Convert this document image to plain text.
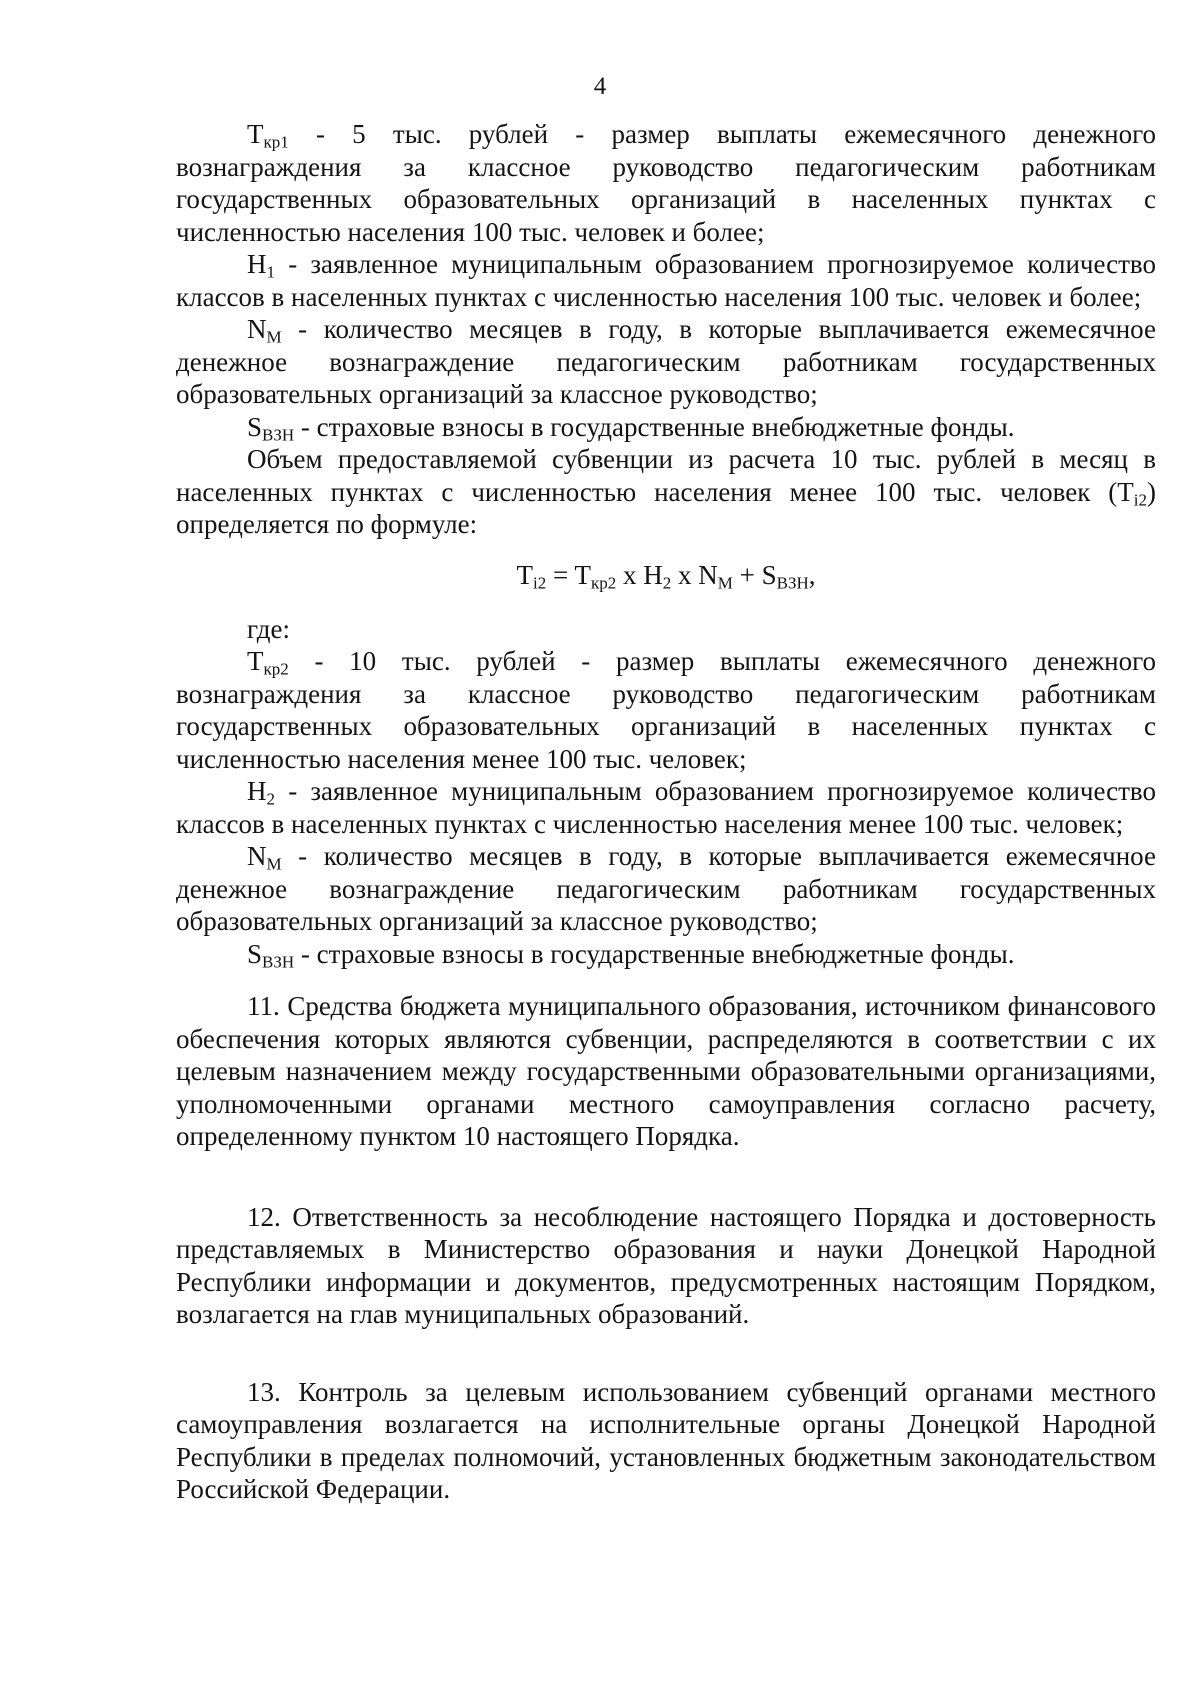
4

$T_{кр1} - 5$ тыс. рублей - размер выплаты ежемесячного денежного вознаграждения за классное руководство педагогическим работникам государственных образовательных организаций в населенных пунктах с численностью населения 100 тыс. человек и более;

$Н_1$ - заявленное муниципальным образованием прогнозируемое количество классов в населенных пунктах с численностью населения 100 тыс. человек и более;

$N_M$ - количество месяцев в году, в которые выплачивается ежемесячное денежное вознаграждение педагогическим работникам государственных образовательных организаций за классное руководство;

$S_{ВЗН}$ - страховые взносы в государственные внебюджетные фонды.

Объем предоставляемой субвенции из расчета 10 тыс. рублей в месяц в населенных пунктах с численностью населения менее 100 тыс. человек $(T_{i2})$ определяется по формуле:

$T_{i2} = T_{кр2}$ х $Н_2$ х $N_M + S_{ВЗН}$,

где:

$T_{кр2} - 10$ тыс. рублей - размер выплаты ежемесячного денежного вознаграждения за классное руководство педагогическим работникам государственных образовательных организаций в населенных пунктах с численностью населения менее 100 тыс. человек;

$Н_2$ - заявленное муниципальным образованием прогнозируемое количество классов в населенных пунктах с численностью населения менее 100 тыс. человек;

$N_M$ - количество месяцев в году, в которые выплачивается ежемесячное денежное вознаграждение педагогическим работникам государственных образовательных организаций за классное руководство;

$S_{ВЗН}$ - страховые взносы в государственные внебюджетные фонды.

11. Средства бюджета муниципального образования, источником финансового обеспечения которых являются субвенции, распределяются в соответствии с их целевым назначением между государственными образовательными организациями, уполномоченными органами местного самоуправления согласно расчету, определенному пунктом 10 настоящего Порядка.

12. Ответственность за несоблюдение настоящего Порядка и достоверность представляемых в Министерство образования и науки Донецкой Народной Республики информации и документов, предусмотренных настоящим Порядком, возлагается на глав муниципальных образований.

13. Контроль за целевым использованием субвенций органами местного самоуправления возлагается на исполнительные органы Донецкой Народной Республики в пределах полномочий, установленных бюджетным законодательством Российской Федерации.
